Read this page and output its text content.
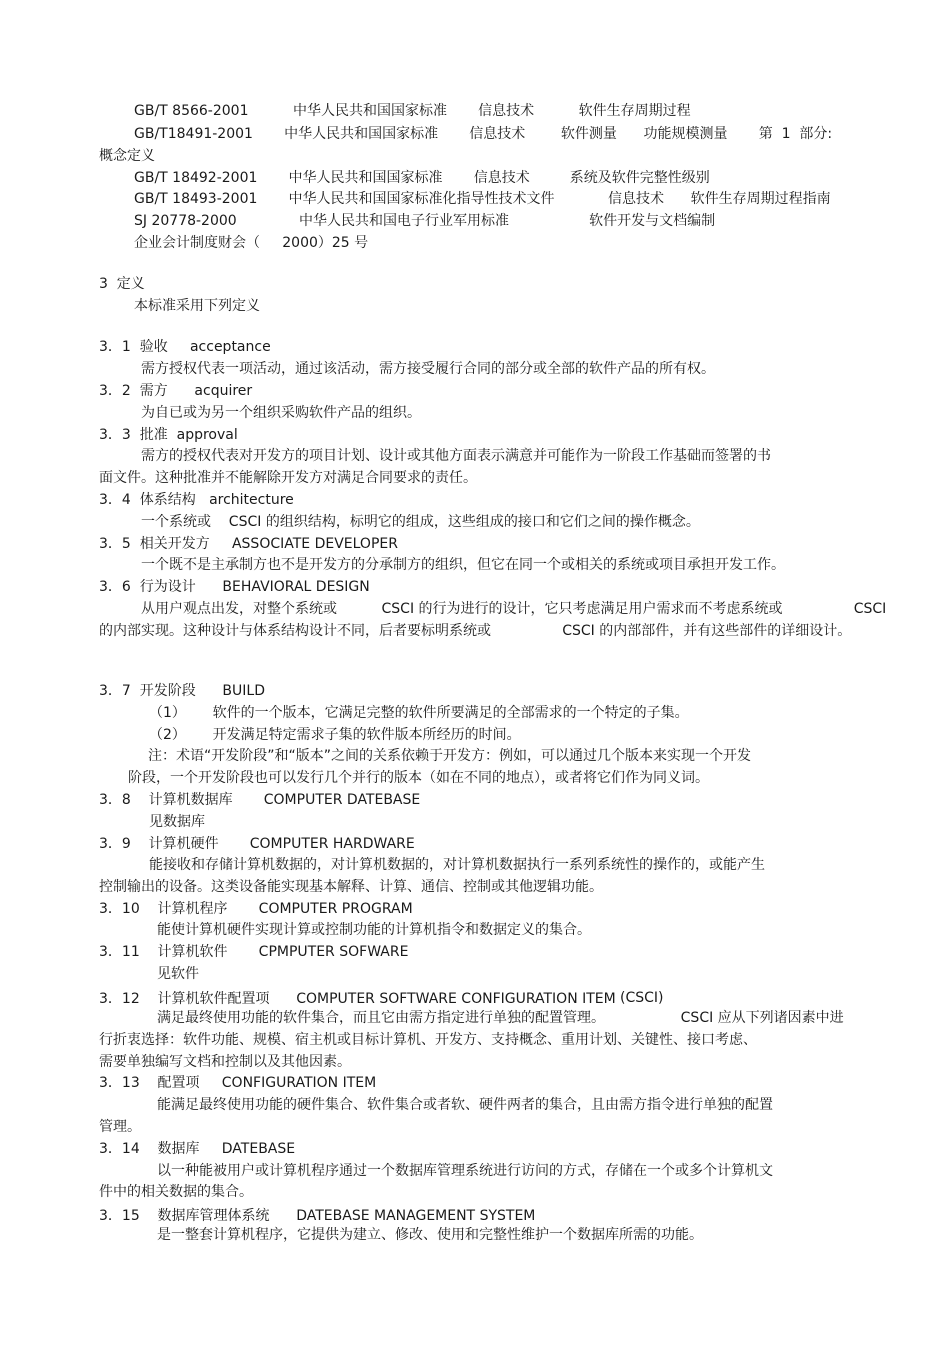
GB/T 8566-2001          中华人民共和国国家标准       信息技术          软件生存周期过程
GB/T18491-2001       中华人民共和国国家标准       信息技术        软件测量      功能规模测量       第  1  部分:
概念定义
GB/T 18492-2001       中华人民共和国国家标准       信息技术         系统及软件完整性级别
GB/T 18493-2001       中华人民共和国国家标准化指导性技术文件            信息技术      软件生存周期过程指南
SJ 20778-2000              中华人民共和国电子行业军用标准                  软件开发与文档编制
企业会计制度财会（     2000）25 号
3  定义
本标准采用下列定义
3．1  验收     acceptance
需方授权代表一项活动，通过该活动，需方接受履行合同的部分或全部的软件产品的所有权。
3．2  需方      acquirer
为自已或为另一个组织采购软件产品的组织。
3．3  批准  approval
需方的授权代表对开发方的项目计划、设计或其他方面表示满意并可能作为一阶段工作基础而签署的书
面文件。这种批准并不能解除开发方对满足合同要求的责任。
3．4  体系结构   architecture
一个系统或    CSCI 的组织结构，标明它的组成，这些组成的接口和它们之间的操作概念。
3．5  相关开发方     ASSOCIATE DEVELOPER
一个既不是主承制方也不是开发方的分承制方的组织，但它在同一个或相关的系统或项目承担开发工作。
3．6  行为设计      BEHAVIORAL DESIGN
从用户观点出发，对整个系统或          CSCI 的行为进行的设计，它只考虑满足用户需求而不考虑系统或                CSCI
的内部实现。这种设计与体系结构设计不同，后者要标明系统或                CSCI 的内部部件，并有这些部件的详细设计。
3．7  开发阶段      BUILD
（1）      软件的一个版本，它满足完整的软件所要满足的全部需求的一个特定的子集。
（2）      开发满足特定需求子集的软件版本所经历的时间。
注：术语“开发阶段”和“版本”之间的关系依赖于开发方：例如，可以通过几个版本来实现一个开发
阶段，一个开发阶段也可以发行几个并行的版本（如在不同的地点），或者将它们作为同义词。
3．8    计算机数据库       COMPUTER DATEBASE
见数据库
3．9    计算机硬件       COMPUTER HARDWARE
能接收和存储计算机数据的，对计算机数据的，对计算机数据执行一系列系统性的操作的，或能产生
控制输出的设备。这类设备能实现基本解释、计算、通信、控制或其他逻辑功能。
3．10    计算机程序       COMPUTER PROGRAM
能使计算机硬件实现计算或控制功能的计算机指令和数据定义的集合。
3．11    计算机软件       CPMPUTER SOFWARE
见软件
3．12    计算机软件配置项      COMPUTER SOFTWARE CONFIGURATION ITEM (CSCI)
满足最终使用功能的软件集合，而且它由需方指定进行单独的配置管理。                 CSCI 应从下列诸因素中进
行折衷选择：软件功能、规模、宿主机或目标计算机、开发方、支持概念、重用计划、关键性、接口考虑、
需要单独编写文档和控制以及其他因素。
3．13    配置项     CONFIGURATION ITEM
能满足最终使用功能的硬件集合、软件集合或者软、硬件两者的集合，且由需方指令进行单独的配置
管理。
3．14    数据库     DATEBASE
以一种能被用户或计算机程序通过一个数据库管理系统进行访问的方式，存储在一个或多个计算机文
件中的相关数据的集合。
3．15    数据库管理体系统      DATEBASE MANAGEMENT SYSTEM
是一整套计算机程序，它提供为建立、修改、使用和完整性维护一个数据库所需的功能。
